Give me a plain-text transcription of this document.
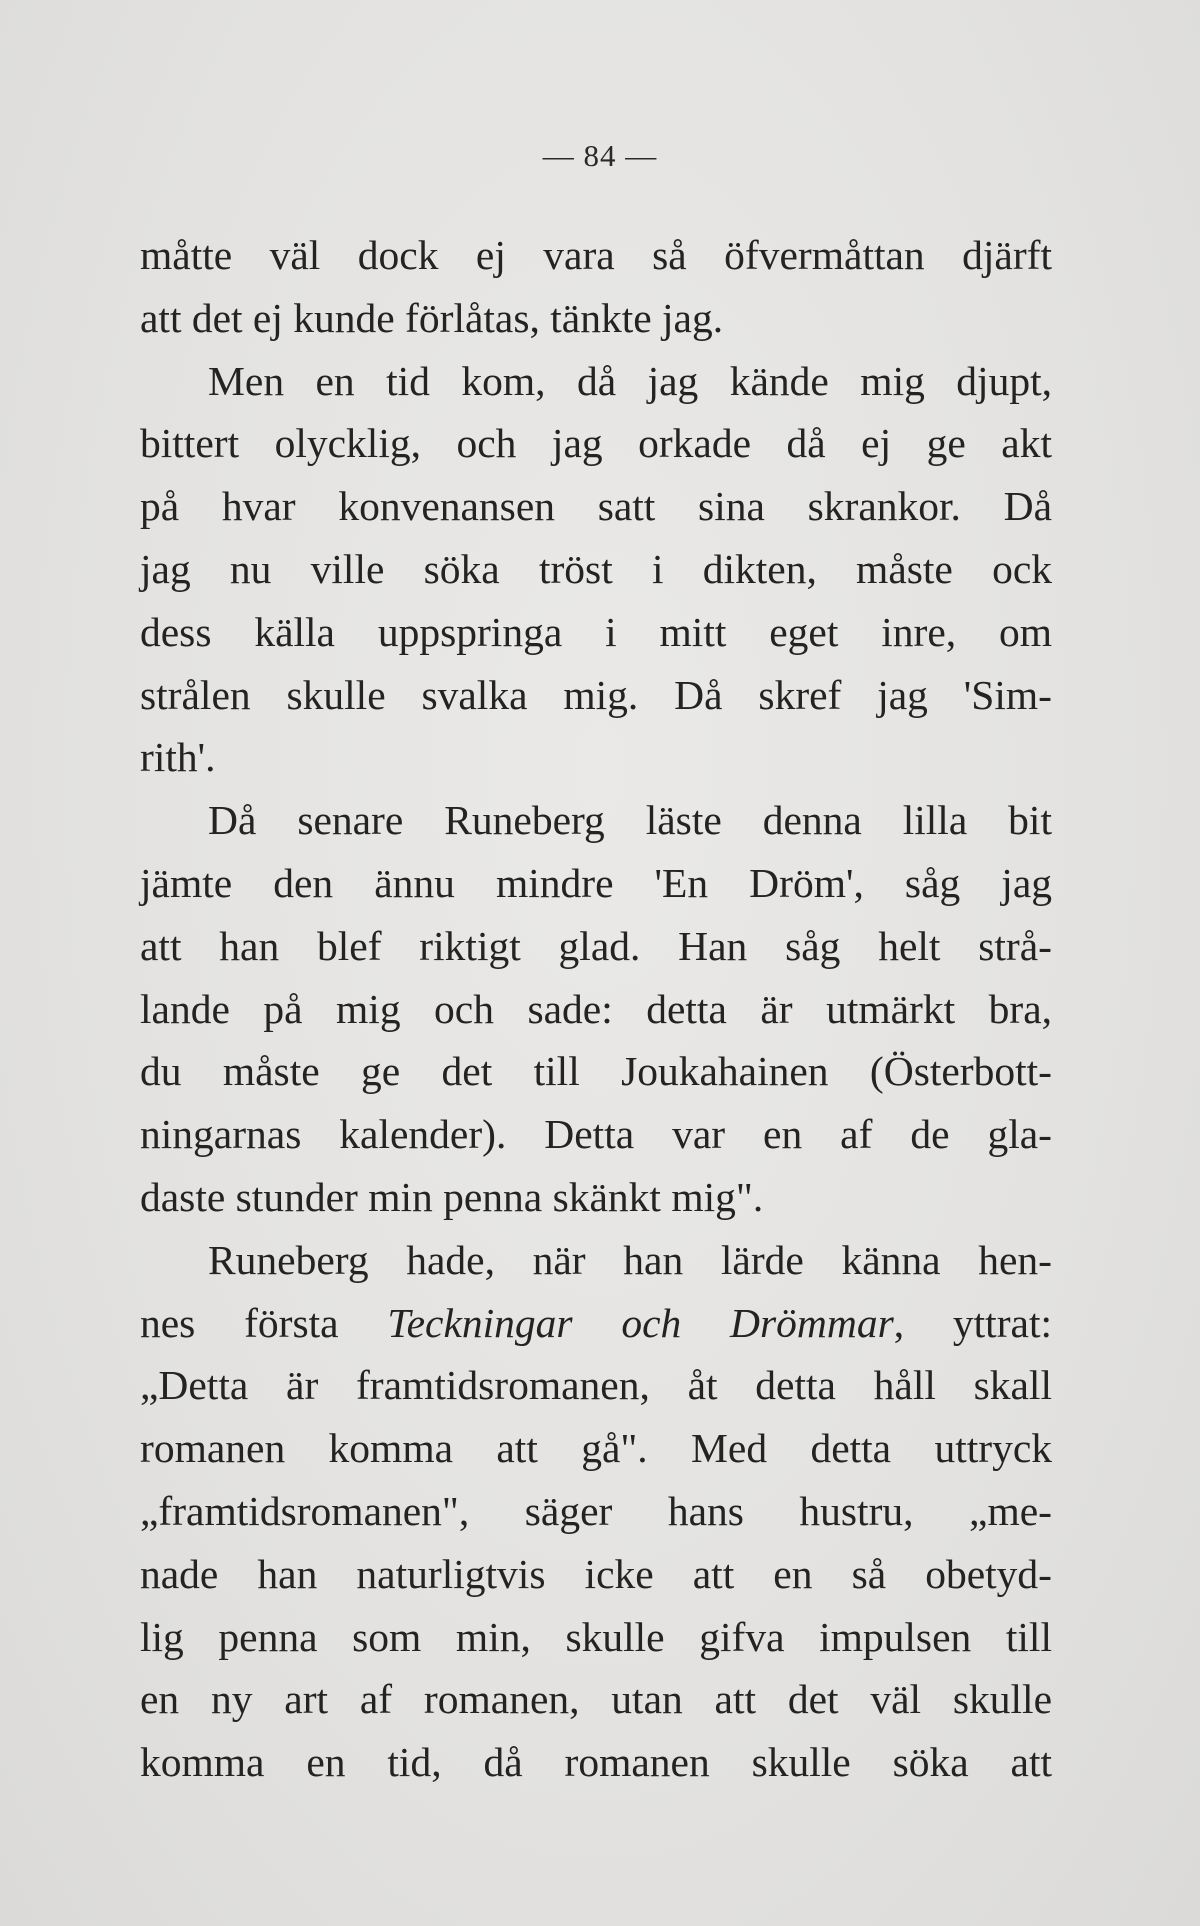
— 84 —
måtte väl dock ej vara så öfvermåttan djärft
att det ej kunde förlåtas, tänkte jag.
Men en tid kom, då jag kände mig djupt,
bittert olycklig, och jag orkade då ej ge akt
på hvar konvenansen satt sina skrankor. Då
jag nu ville söka tröst i dikten, måste ock
dess källa uppspringa i mitt eget inre, om
strålen skulle svalka mig. Då skref jag 'Sim-
rith'.
Då senare Runeberg läste denna lilla bit
jämte den ännu mindre 'En Dröm', såg jag
att han blef riktigt glad. Han såg helt strå-
lande på mig och sade: detta är utmärkt bra,
du måste ge det till Joukahainen (Österbott-
ningarnas kalender). Detta var en af de gla-
daste stunder min penna skänkt mig".
Runeberg hade, när han lärde känna hen-
nes första Teckningar och Drömmar, yttrat:
„Detta är framtidsromanen, åt detta håll skall
romanen komma att gå". Med detta uttryck
„framtidsromanen", säger hans hustru, „me-
nade han naturligtvis icke att en så obetyd-
lig penna som min, skulle gifva impulsen till
en ny art af romanen, utan att det väl skulle
komma en tid, då romanen skulle söka att
